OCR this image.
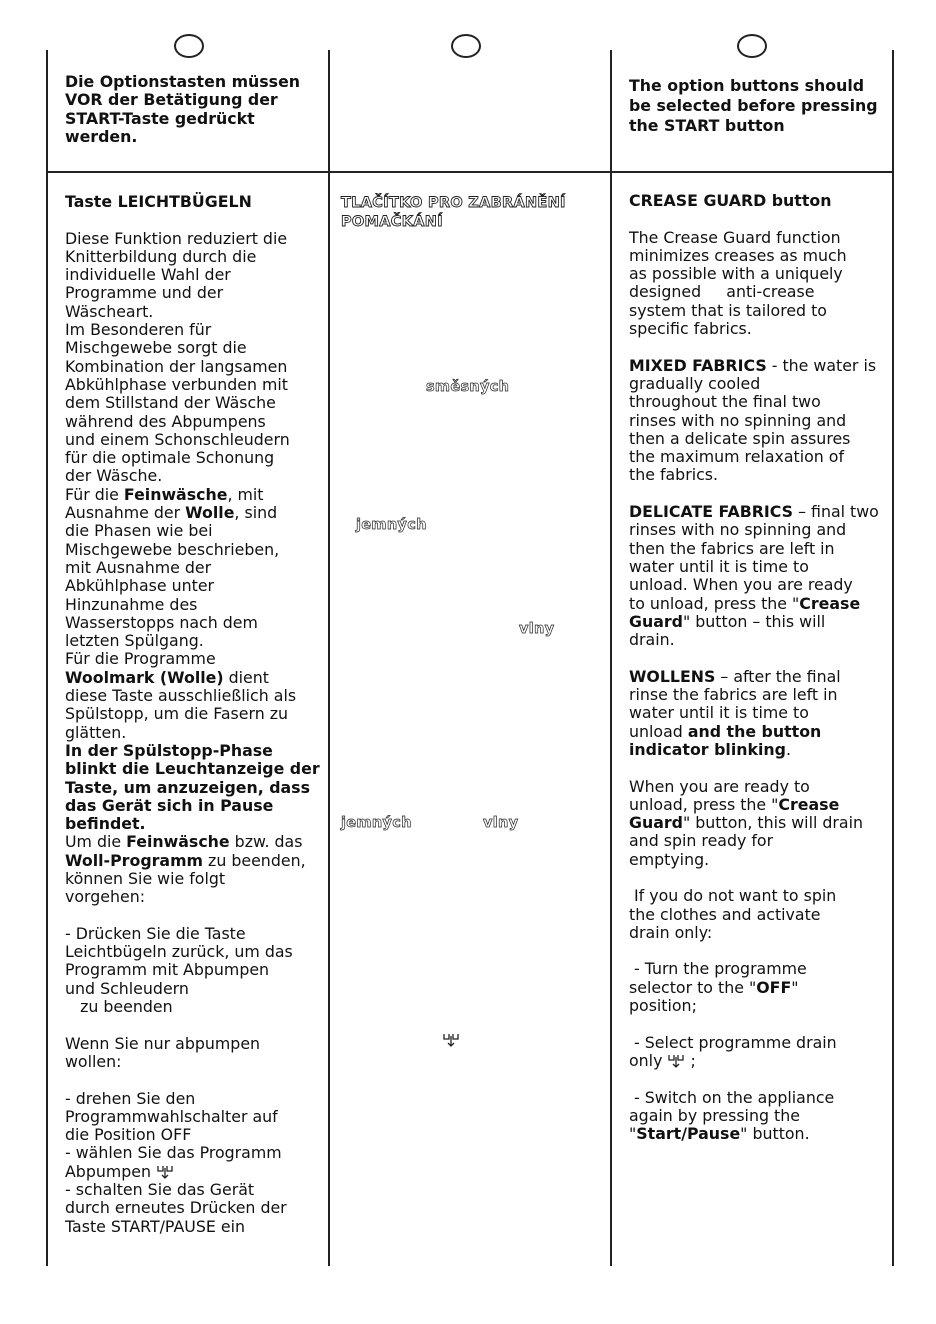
Die Optionstasten müssen

VOR der Betätigung der

START-Taste gedrückt

werden.

The option buttons should

be selected before pressing

the START button

Taste LEICHTBÜGELN

Diese Funktion reduziert die

Knitterbildung durch die

individuelle Wahl der

Programme und der

Wäscheart.

Im Besonderen für

Mischgewebe sorgt die

Kombination der langsamen

Abkühlphase verbunden mit

dem Stillstand der Wäsche

während des Abpumpens

und einem Schonschleudern

für die optimale Schonung

der Wäsche.

Für die Feinwäsche, mit

Ausnahme der Wolle, sind

die Phasen wie bei

Mischgewebe beschrieben,

mit Ausnahme der

Abkühlphase unter

Hinzunahme des

Wasserstopps nach dem

letzten Spülgang.

Für die Programme

Woolmark (Wolle) dient

diese Taste ausschließlich als

Spülstopp, um die Fasern zu

glätten.

In der Spülstopp-Phase

blinkt die Leuchtanzeige der

Taste, um anzuzeigen, dass

das Gerät sich in Pause

befindet.

Um die Feinwäsche bzw. das

Woll-Programm zu beenden,

können Sie wie folgt

vorgehen:

- Drücken Sie die Taste

Leichtbügeln zurück, um das

Programm mit Abpumpen

und Schleudern

zu beenden

Wenn Sie nur abpumpen

wollen:

- drehen Sie den

Programmwahlschalter auf

die Position OFF

- wählen Sie das Programm

Abpumpen

- schalten Sie das Gerät

durch erneutes Drücken der

Taste START/PAUSE ein

TLAČÍTKO PRO ZABRÁNĚNÍ

POMAČKÁNÍ

směsných
jemných
vlny
jemných	vlny

CREASE GUARD button

The Crease Guard function

minimizes creases as much

as possible with a uniquely

designed     anti-crease

system that is tailored to

specific fabrics.

MIXED FABRICS - the water is

gradually cooled

throughout the final two

rinses with no spinning and

then a delicate spin assures

the maximum relaxation of

the fabrics.

DELICATE FABRICS – final two

rinses with no spinning and

then the fabrics are left in

water until it is time to

unload. When you are ready

to unload, press the "Crease

Guard" button – this will

drain.

WOLLENS – after the final

rinse the fabrics are left in

water until it is time to

unload and the button

indicator blinking.

When you are ready to

unload, press the "Crease

Guard" button, this will drain

and spin ready for

emptying.

If you do not want to spin

the clothes and activate

drain only:

- Turn the programme

selector to the "OFF"

position;

- Select programme drain

only  ;

- Switch on the appliance

again by pressing the

"Start/Pause" button.
